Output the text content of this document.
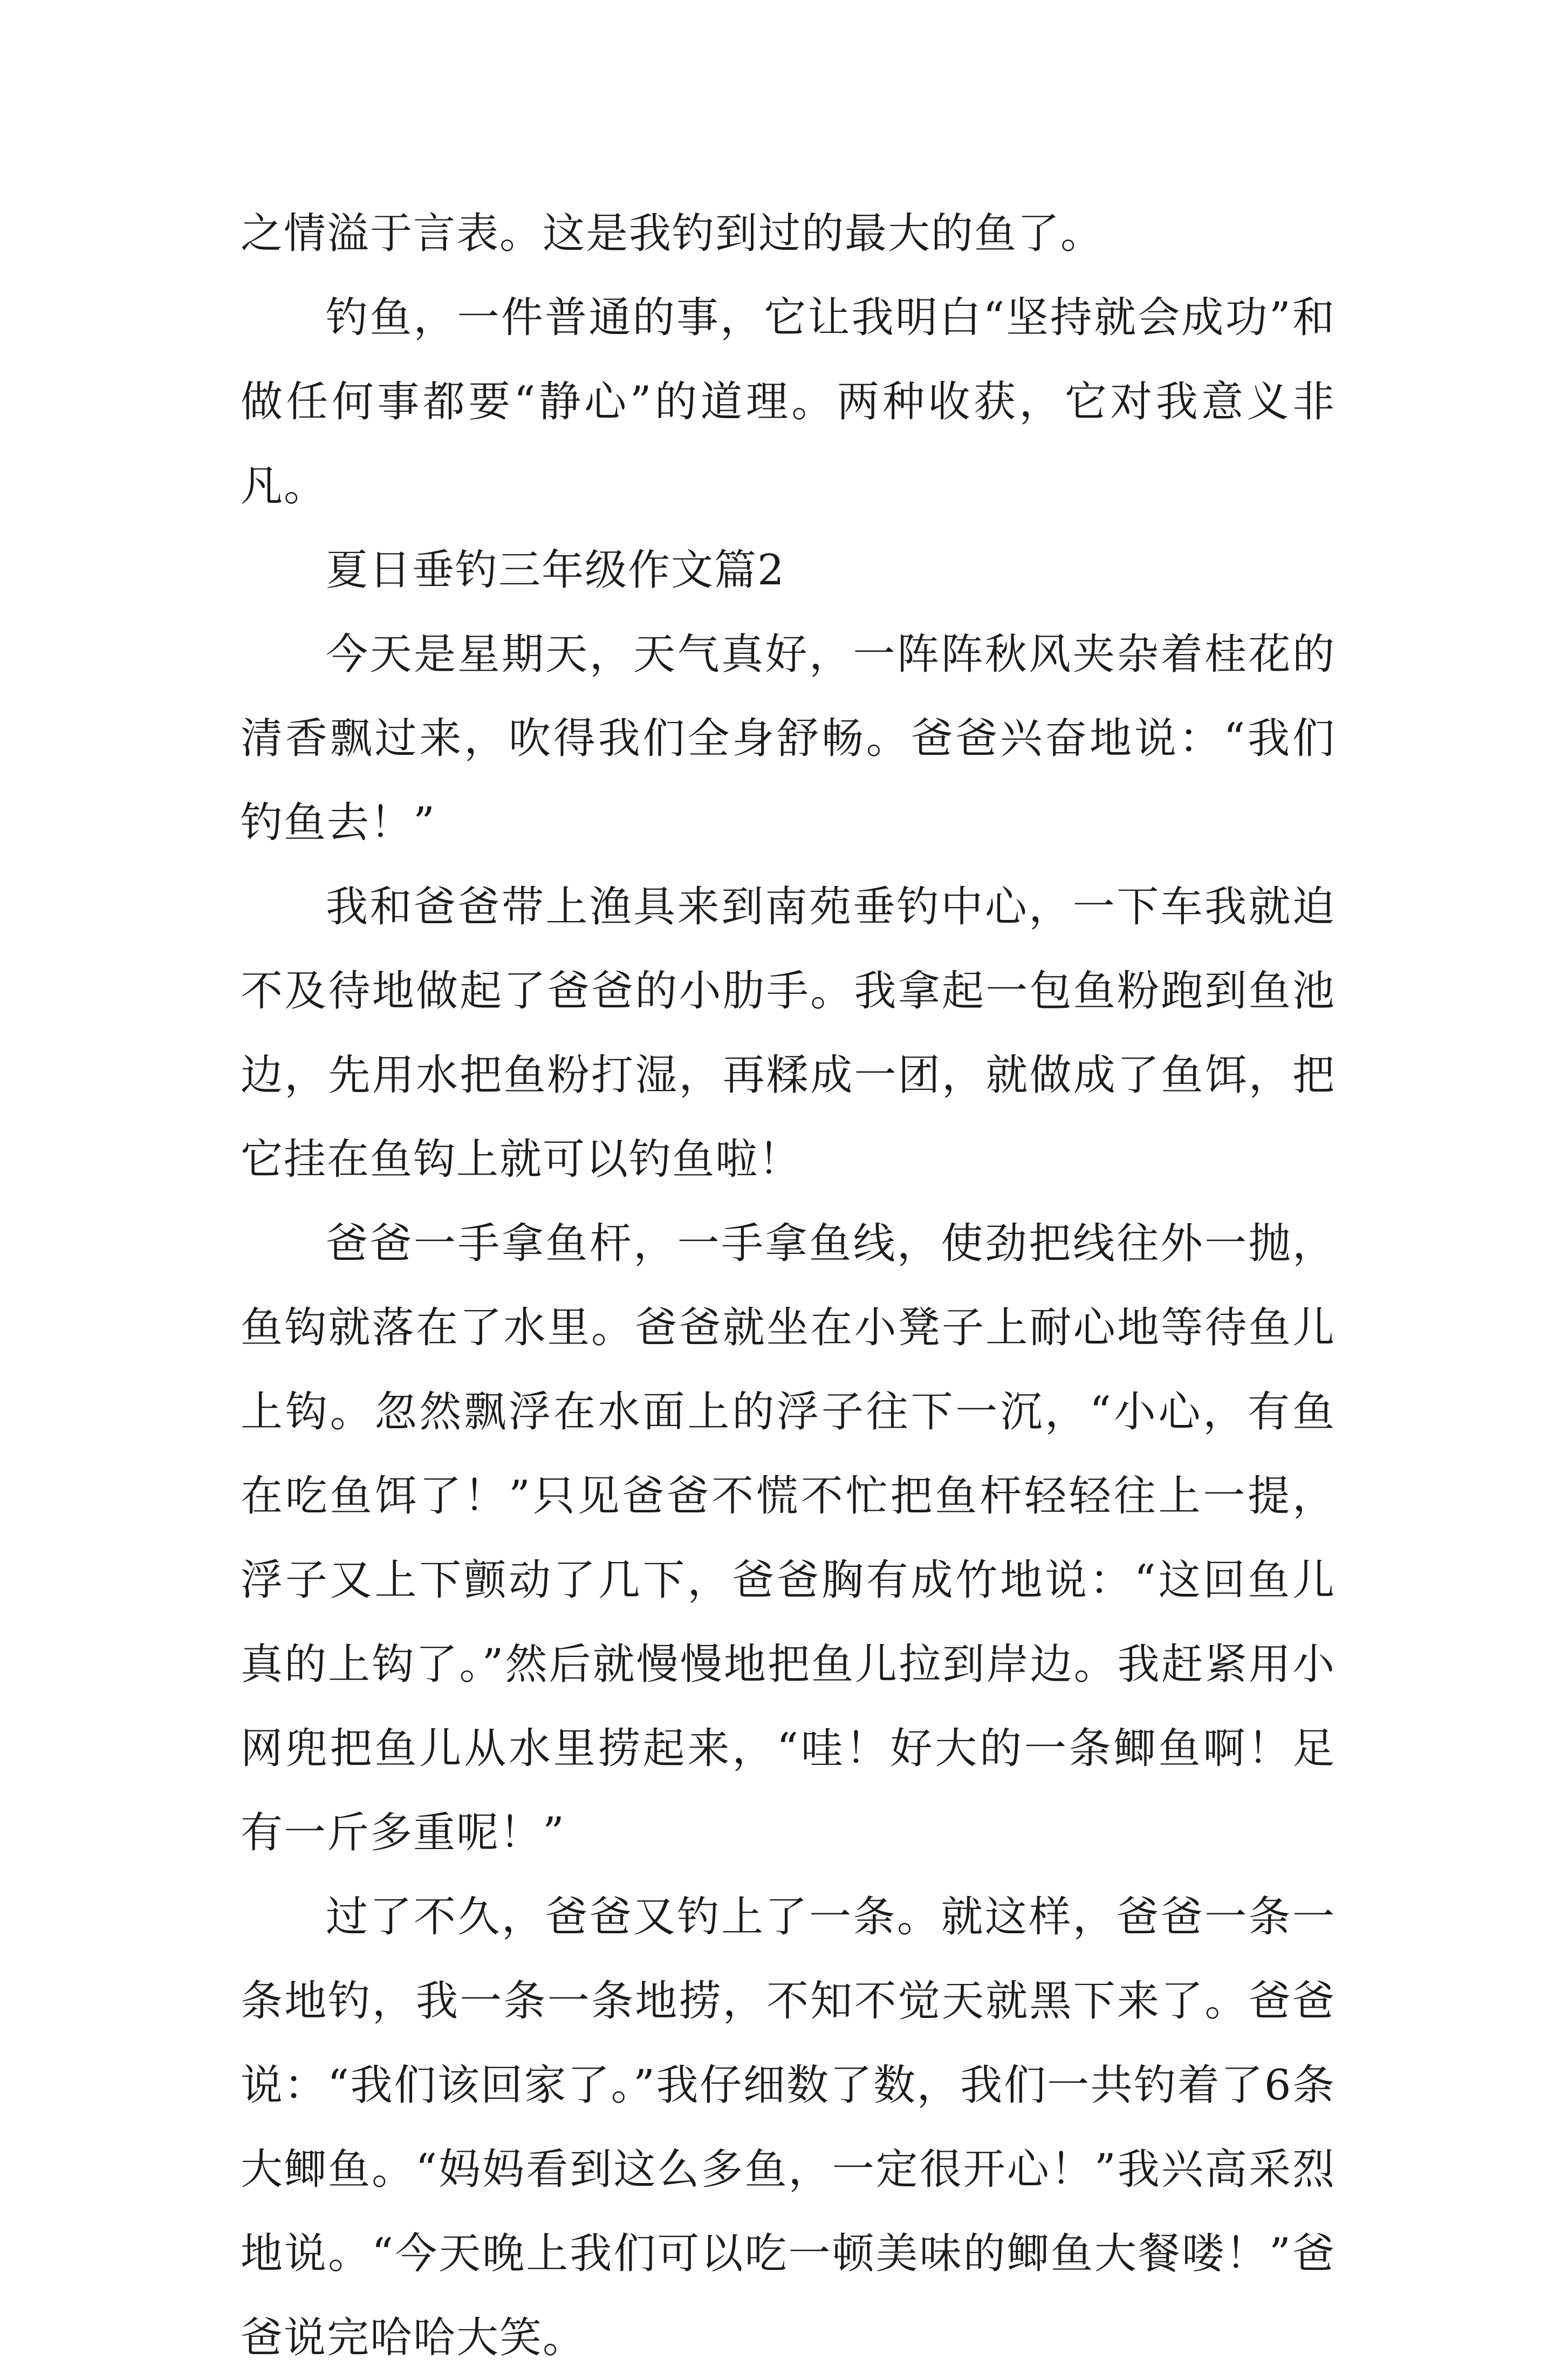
之情溢于言表。这是我钓到过的最大的鱼了。

钓鱼，一件普通的事，它让我明白“坚持就会成功”和做任何事都要“静心”的道理。两种收获，它对我意义非凡。

夏日垂钓三年级作文篇2

今天是星期天，天气真好，一阵阵秋风夹杂着桂花的清香飘过来，吹得我们全身舒畅。爸爸兴奋地说：“我们钓鱼去！”

我和爸爸带上渔具来到南苑垂钓中心，一下车我就迫不及待地做起了爸爸的小肋手。我拿起一包鱼粉跑到鱼池边，先用水把鱼粉打湿，再糅成一团，就做成了鱼饵，把它挂在鱼钩上就可以钓鱼啦！

爸爸一手拿鱼杆，一手拿鱼线，使劲把线往外一抛，鱼钩就落在了水里。爸爸就坐在小凳子上耐心地等待鱼儿上钩。忽然飘浮在水面上的浮子往下一沉，“小心，有鱼在吃鱼饵了！”只见爸爸不慌不忙把鱼杆轻轻往上一提，浮子又上下颤动了几下，爸爸胸有成竹地说：“这回鱼儿真的上钩了。”然后就慢慢地把鱼儿拉到岸边。我赶紧用小网兜把鱼儿从水里捞起来，“哇！好大的一条鲫鱼啊！足有一斤多重呢！”

过了不久，爸爸又钓上了一条。就这样，爸爸一条一条地钓，我一条一条地捞，不知不觉天就黑下来了。爸爸说：“我们该回家了。”我仔细数了数，我们一共钓着了6条大鲫鱼。“妈妈看到这么多鱼，一定很开心！”我兴高采烈地说。“今天晚上我们可以吃一顿美味的鲫鱼大餐喽！”爸爸说完哈哈大笑。
